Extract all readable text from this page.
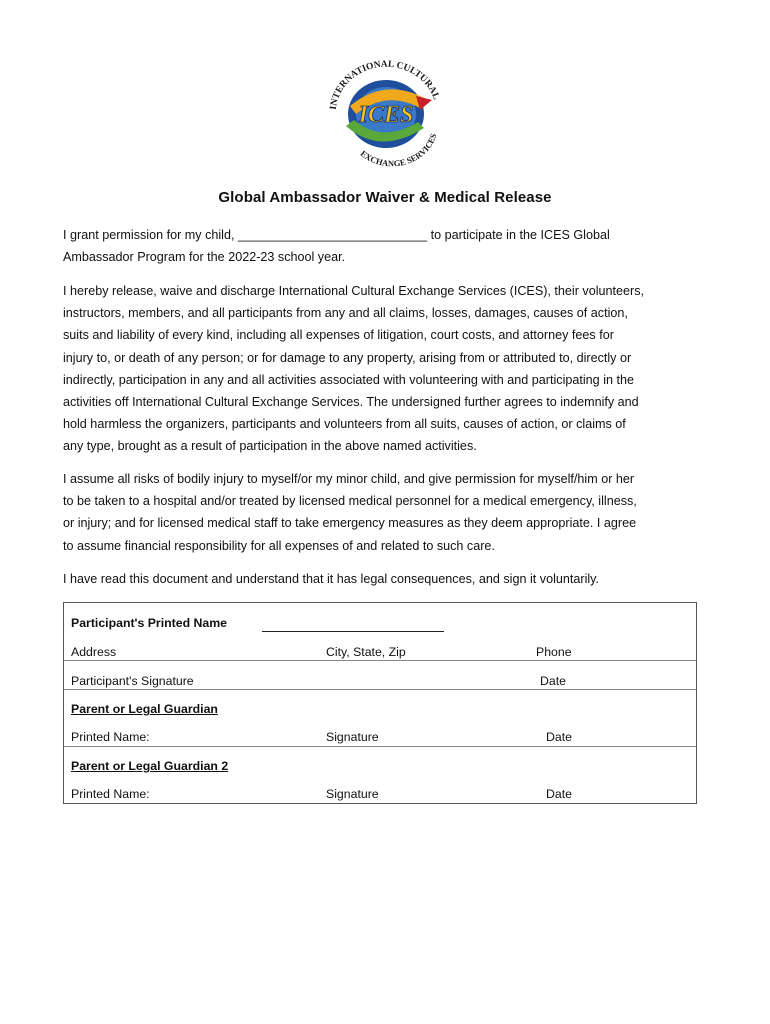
ICES
INTERNATIONAL CULTURAL
EXCHANGE SERVICES
Global Ambassador Waiver & Medical Release
I grant permission for my child, ___________________________ to participate in the ICES Global
Ambassador Program for the 2022-23 school year.
I hereby release, waive and discharge International Cultural Exchange Services (ICES), their volunteers,
instructors, members, and all participants from any and all claims, losses, damages, causes of action,
suits and liability of every kind, including all expenses of litigation, court costs, and attorney fees for
injury to, or death of any person; or for damage to any property, arising from or attributed to, directly or
indirectly, participation in any and all activities associated with volunteering with and participating in the
activities off International Cultural Exchange Services. The undersigned further agrees to indemnify and
hold harmless the organizers, participants and volunteers from all suits, causes of action, or claims of
any type, brought as a result of participation in the above named activities.
I assume all risks of bodily injury to myself/or my minor child, and give permission for myself/him or her
to be taken to a hospital and/or treated by licensed medical personnel for a medical emergency, illness,
or injury; and for licensed medical staff to take emergency measures as they deem appropriate. I agree
to assume financial responsibility for all expenses of and related to such care.
I have read this document and understand that it has legal consequences, and sign it voluntarily.
Participant's Printed Name
Address	City, State, Zip	Phone
Participant's Signature	Date
Parent or Legal Guardian
Printed Name:	Signature	Date
Parent or Legal Guardian 2
Printed Name:	Signature	Date
